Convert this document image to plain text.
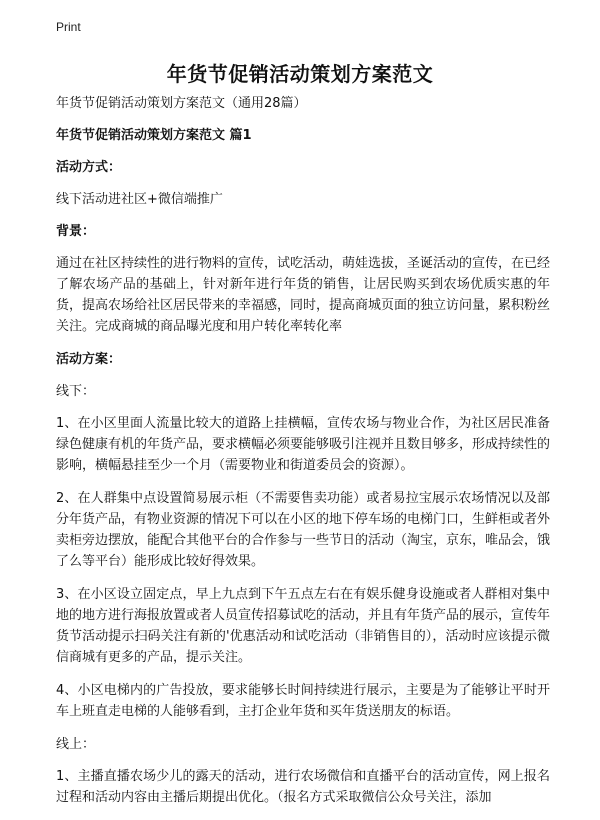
Print
年货节促销活动策划方案范文

年货节促销活动策划方案范文（通用28篇）

年货节促销活动策划方案范文 篇1

活动方式：

线下活动进社区+微信端推广

背景：

通过在社区持续性的进行物料的宣传，试吃活动，萌娃选拔，圣诞活动的宣传，在已经了解农场产品的基础上，针对新年进行年货的销售，让居民购买到农场优质实惠的年货，提高农场给社区居民带来的幸福感，同时，提高商城页面的独立访问量，累积粉丝关注。完成商城的商品曝光度和用户转化率转化率

活动方案：

线下：

1、在小区里面人流量比较大的道路上挂横幅，宣传农场与物业合作，为社区居民准备绿色健康有机的年货产品，要求横幅必须要能够吸引注视并且数目够多，形成持续性的影响，横幅悬挂至少一个月（需要物业和街道委员会的资源）。

2、在人群集中点设置简易展示柜（不需要售卖功能）或者易拉宝展示农场情况以及部分年货产品，有物业资源的情况下可以在小区的地下停车场的电梯门口，生鲜柜或者外卖柜旁边摆放，能配合其他平台的合作参与一些节日的活动（淘宝，京东，唯品会，饿了么等平台）能形成比较好得效果。

3、在小区设立固定点，早上九点到下午五点左右在有娱乐健身设施或者人群相对集中地的地方进行海报放置或者人员宣传招募试吃的活动，并且有年货产品的展示，宣传年货节活动提示扫码关注有新的'优惠活动和试吃活动（非销售目的），活动时应该提示微信商城有更多的产品，提示关注。

4、小区电梯内的广告投放，要求能够长时间持续进行展示，主要是为了能够让平时开车上班直走电梯的人能够看到，主打企业年货和买年货送朋友的标语。

线上：

1、主播直播农场少儿的露天的活动，进行农场微信和直播平台的活动宣传，网上报名过程和活动内容由主播后期提出优化。（报名方式采取微信公众号关注，添加
